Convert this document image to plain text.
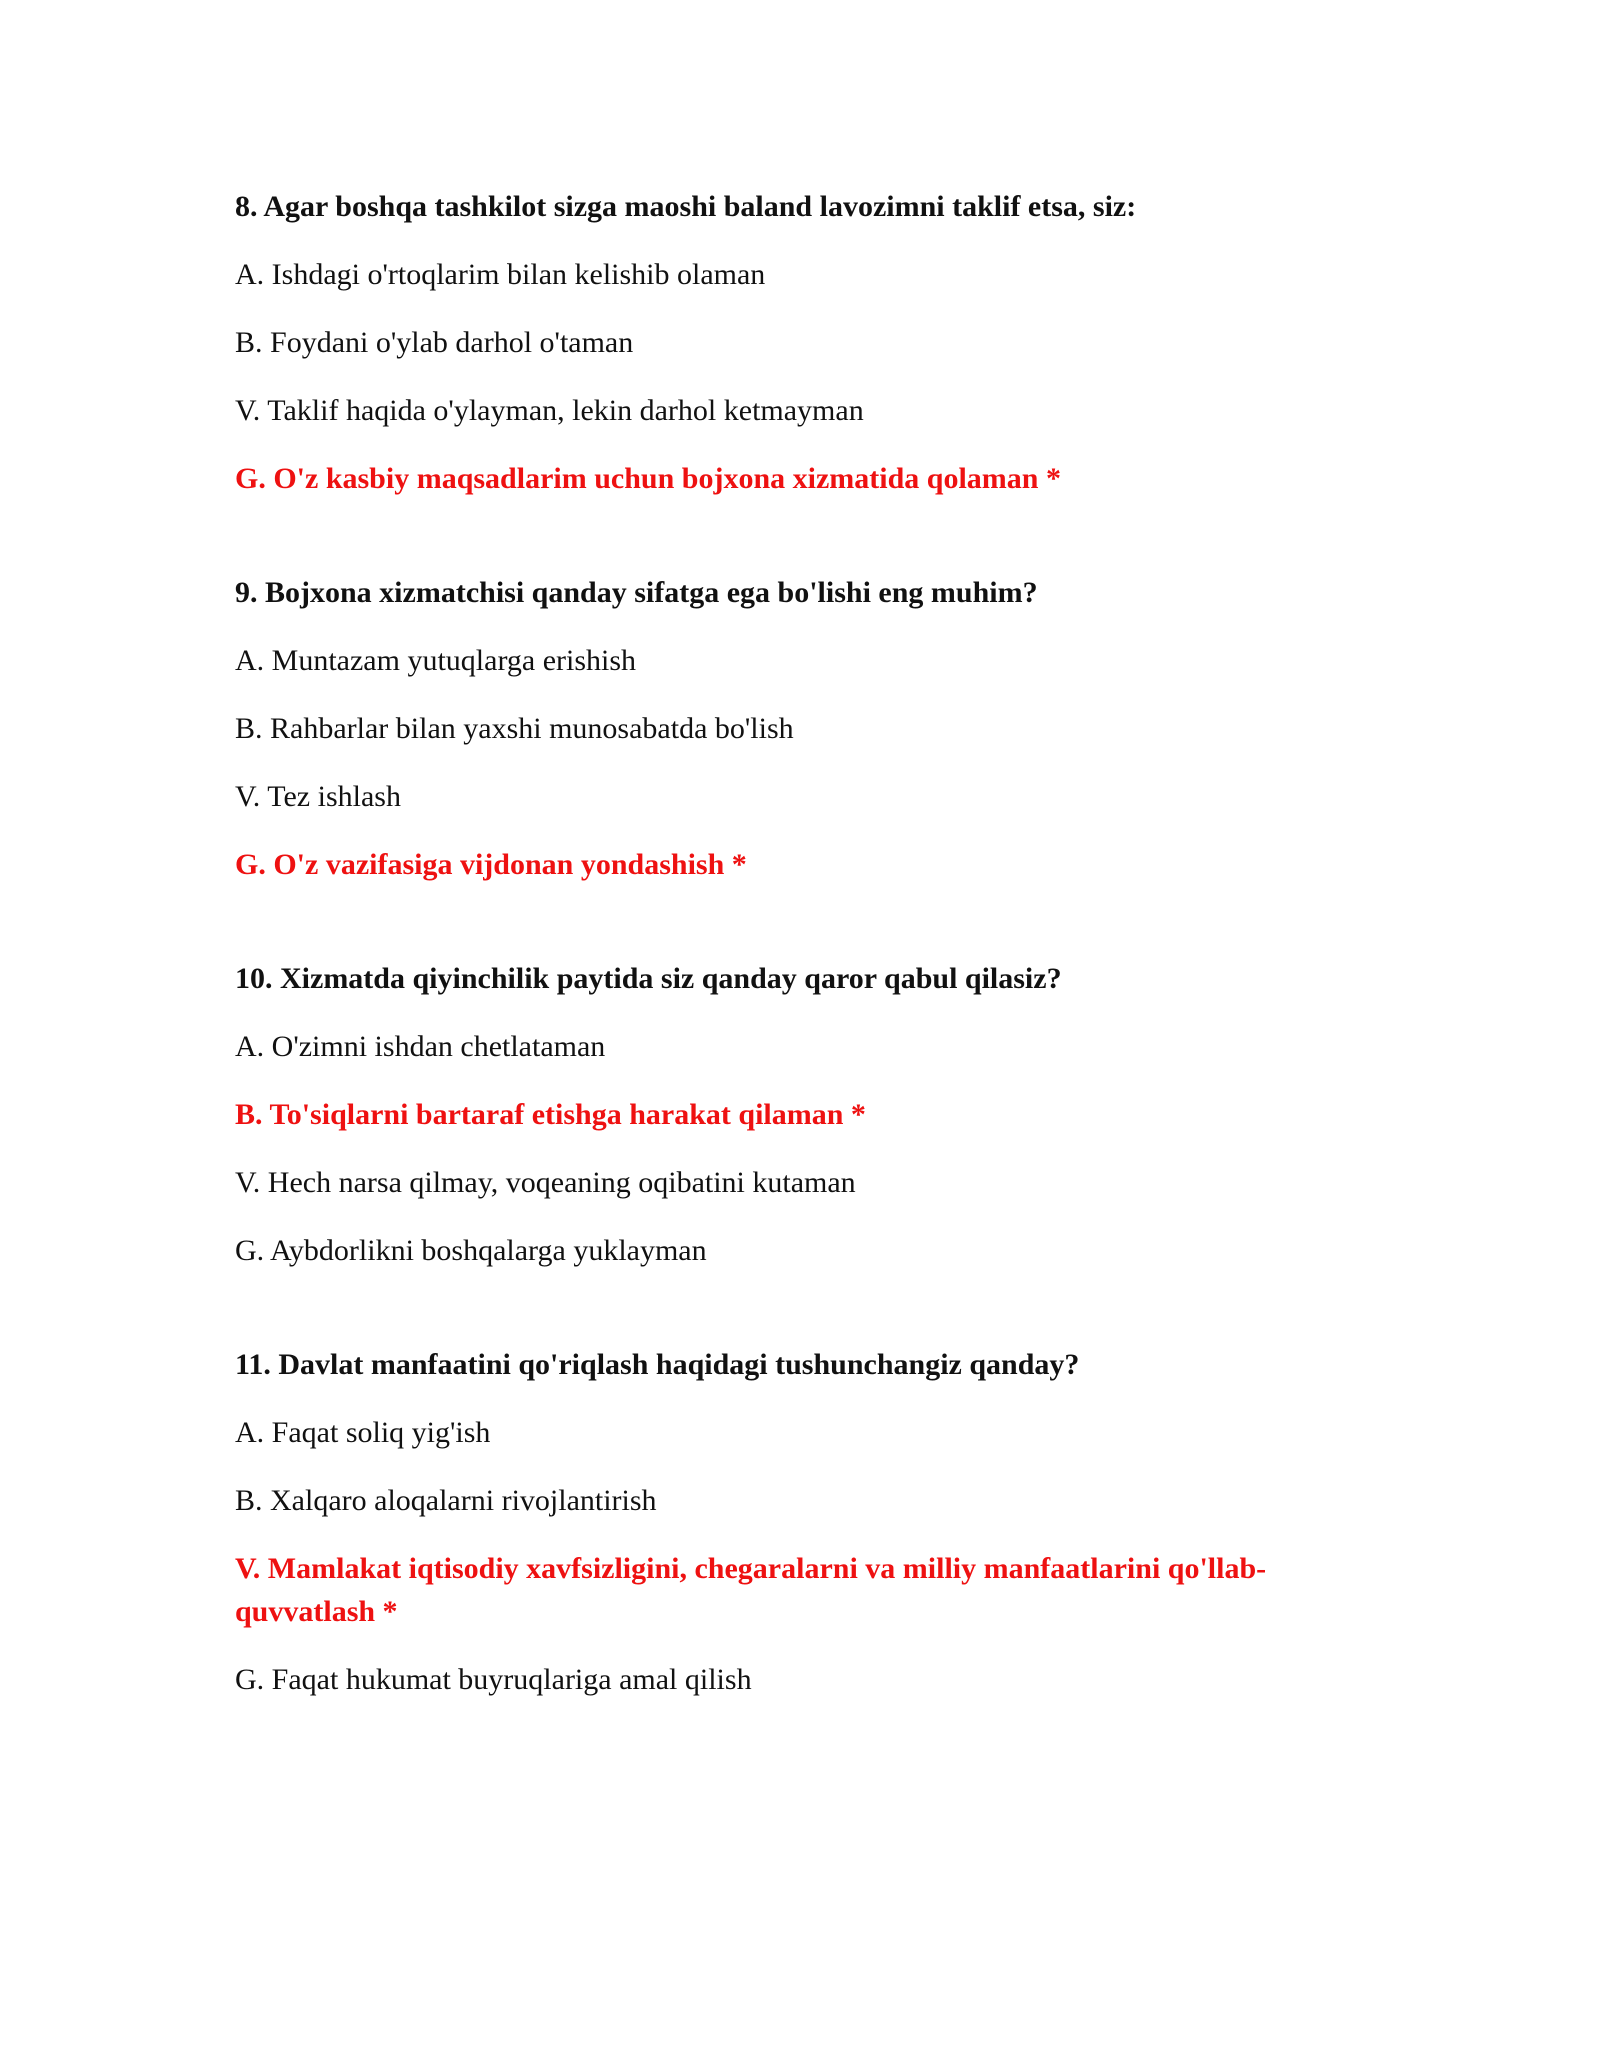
8. Agar boshqa tashkilot sizga maoshi baland lavozimni taklif etsa, siz:

A. Ishdagi o'rtoqlarim bilan kelishib olaman

B. Foydani o'ylab darhol o'taman

V. Taklif haqida o'ylayman, lekin darhol ketmayman

G. O'z kasbiy maqsadlarim uchun bojxona xizmatida qolaman *

9. Bojxona xizmatchisi qanday sifatga ega bo'lishi eng muhim?

A. Muntazam yutuqlarga erishish

B. Rahbarlar bilan yaxshi munosabatda bo'lish

V. Tez ishlash

G. O'z vazifasiga vijdonan yondashish *

10. Xizmatda qiyinchilik paytida siz qanday qaror qabul qilasiz?

A. O'zimni ishdan chetlataman

B. To'siqlarni bartaraf etishga harakat qilaman *

V. Hech narsa qilmay, voqeaning oqibatini kutaman

G. Aybdorlikni boshqalarga yuklayman

11. Davlat manfaatini qo'riqlash haqidagi tushunchangiz qanday?

A. Faqat soliq yig'ish

B. Xalqaro aloqalarni rivojlantirish

V. Mamlakat iqtisodiy xavfsizligini, chegaralarni va milliy manfaatlarini qo'llab-quvvatlash *

G. Faqat hukumat buyruqlariga amal qilish
